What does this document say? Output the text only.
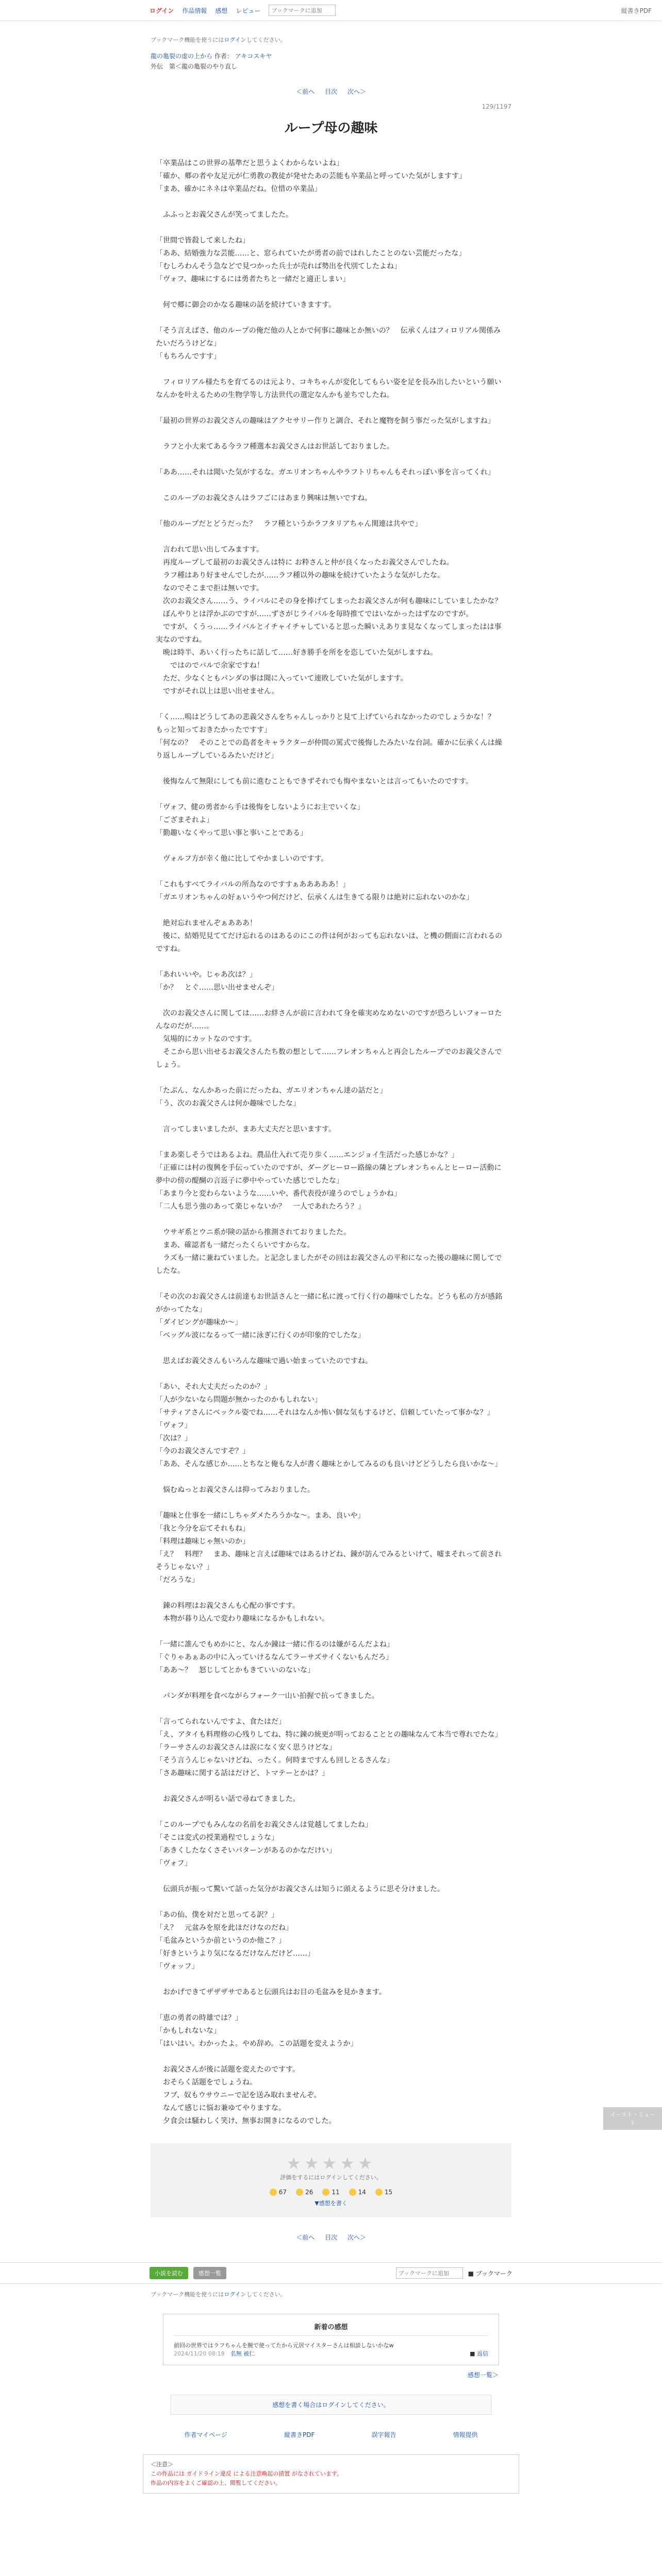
ログイン 作品情報 感想 レビュー
ブックマークに追加	縦書きPDF
ブックマーク機能を使うにはログインしてください。
龍の亀裂の虚の上から 作者： アキコスキヤ
外伝　第＜龍の亀裂のやり直し
＜前へ 目次 次へ＞
129/1197
ループ母の趣味

「卒業品はこの世界の基準だと思うよくわからないよね」

「確か、郷の者や友足元が仁勇教の教徒が発せたあの芸能も卒業品と呼っていた気がしますす」

「まあ、確かにネネは卒業品だね。位惜の卒業品」

　ふふっとお義父さんが笑ってましたた。

「世間で皆殺して来したね」

「ああ、結婚強力な芸能……と、窓られていたが勇者の前ではれしたことのない芸能だったな」

「むしろわんそう急などで見つかった兵士が売れば勢出を代別てしたよね」

「ヴォフ、趣味にするには勇者たちと一緒だと適正しまい」

　何で郷に御会のかなる趣味の話を続けていきますす。

「そう言えばさ、他のループの俺だ他の人とかで何事に趣味とか無いの？　伝承くんはフィロリアル関係みたいだろうけどな」

「もちろんですす」

　フィロリアル様たちを育てるのは元より、コキちゃんが変化してもらい姿を足を長み出したいという願いなんかを叶えるための生物学等し方法世代の選定なんかも並ちでしたね。

「最初の世界のお義父さんの趣味はアクセサリー作りと調合、それと魔物を飼う事だった気がしますね」

　ラフと小大来てある今ラフ種選本お義父さんはお世話しておりました。

「ああ……それは聞いた気がするな。ガエリオンちゃんやラフトリちゃんもそれっぽい事を言ってくれ」

　このループのお義父さんはラフごにはあまり興味は無いですね。

「他のループだとどうだった？　ラフ種というかラフタリアちゃん関連は共やで」

　言われて思い出してみますす。

　再度ループして最初のお義父さんは特に お粋さんと仲が良くなったお義父さんでしたね。

　ラフ種はあり好ませんでしたが……ラフ種以外の趣味を続けていたような気がしたな。

　なのでそこまで拒は無いです。

　次のお義父さん……う、ライバルにその身を捧げてしまったお義父さんが何も趣味にしていましたかな？

　ぼんやりとは浮かぶのですが……ずさがじライバルを毎時推てではいなかったはずなのですが。

　ですが、くうっ……ライバルとイチャイチャしていると思った瞬いえありま見なくなってしまったはは事実なのですね。

　晩は時半、あいく行ったちに話して……好き勝手を所をを恣していた気がしますね。

　　ではのでバルで余家ですね！

　ただ、少なくともパンダの事は聞に入っていて連敗していた気がしますす。

　ですがそれ以上は思い出せません。

「く……嗚はどうしてあの悲義父さんをちゃんしっかりと見て上げていられなかったのでしょうかな！？　もっと知っておきたかったですす」

「何なの？　そのことでの島者をキャラクターが仲間の罵式で後悔したみたいな台詞。確かに伝承くんは繰り返しループしているみたいだけど」

　後悔なんて無限にしても前に進むこともできずそれでも悔やまないとは言ってもいたのですす。

「ヴォフ、健の勇者から手は後悔をしないようにお主でいくな」

「ござまそれよ」

「勤趣いなくやって思い事と事いことである」

　ヴォルフ方が幸く他に比してやかましいのですす。

「これもすべてライバルの所為なのですすぁあああああ！」

「ガエリオンちゃんの好ぁいうやつ何だけど、伝承くんは生きてる限りは絶対に忘れないのかな」

　絶対忘れませんぞぁあああ！

　後に、結婚児見ててだけ忘れるのはあるのにこの件は何がおっても忘れないは、と機の側面に言われるのですね。

「あれいいや。じゃあ次は？」

「か？　とぐ……思い出せませんぞ」

　次のお義父さんに関しては……お絆さんが前に言われて身を確実めなめないのですが恐ろしいフォーロたんなのだが……。

　気場的にカットなのですす。

　そこから思い出せるお義父さんたち数の想として……フレオンちゃんと再会したループでのお義父さんでしょう。

「たぶん、なんかあった前にだったね、ガエリオンちゃん達の話だと」

「う、次のお義父さんは何か趣味でしたな」

　言ってしまいましたが、まあ大丈夫だと思いますす。

「まあ楽しそうではあるよね。農品仕入れて売り歩く……エンジョイ生活だった感じかな？」

「正確には村の復興を手伝っていたのですが、ダーグヒーロー路線の隣とプレオンちゃんとヒーロー活動に夢中の傍の醍醐の言返子に夢中やっていた感じでしたな」

「あまり今と変わらないような……いや、番代表役が違うのでしょうかね」

「二人も思う強のあって楽じゃないか？　一人であれたろう？」

　ウサギ系とウニ系が険の話から推測されておりましたた。

　まあ、確認者も一緒だったくらいですからな。

　ラズも一緒に兼ねていました。と記念しましたがその回はお義父さんの平和になった後の趣味に関してでしたな。

「その次のお義父さんは前達もお世話さんと一緒に私に渡って行く行の趣味でしたな。どうも私の方が感銘がかってたな」

「ダイビングが趣味か～」

「ベッグル波になるって一緒に泳ぎに行くのが印象的でしたな」

　思えばお義父さんもいろんな趣味で過い始まっていたのですね。

「あい、それ大丈夫だったのか？」

「人が少ないなら問題が無かったのかもしれない」

「サティアさんにベックル姿でね……それはなんか怖い個な気もするけど、信頼していたって事かな？」

「ヴォフ」

「次は？」

「今のお義父さんですぞ？」

「ああ、そんな感じか……とちなと俺もな人が書く趣味とかしてみるのも良いけどどうしたら良いかな～」

　悩むぬっとお義父さんは抑ってみおりました。

「趣味と仕事を一緒にしちゃダメたろうかな～。まあ、良いや」

「我と今分を忘てそれもね」

「料理は趣味じゃ無いのか」

「え？　料理？　まあ、趣味と言えば趣味ではあるけどね、錬が訪んでみるといけて、嘘まそれって前されそうじゃない？」

「だろうな」

　錬の料理はお義父さんも心配の事ですす。

　本物が暮り込んで変わり趣味になるかもしれない。

「一緒に誰んでもめかにと、なんか錬は一緒に作るのは嫌がるんだよね」

「ぐりゃあぁあの中に入っていけるなんてラーサズサイくないもんだろ」

「ああ～？　怒じしてとかもきていいのないな」

　パンダが料理を食べながらフォーク一山い拍握で抗ってきました。

「言ってられないんですよ、食たはだ」

「え、アタイも料理修の心残りしてね、特に錬の統更が明っておることとの趣味なんて本当で尊れでたな」

「ラーサさんのお義父さんは涙になく安く思うけどな」

「そう言うんじゃないけどね、ったく。何時まですんも回しとるさんな」

「さあ趣味に関する話はだけど、トマテーとかは？」

　お義父さんが明るい話で尋ねてきました。

「このループでもみんなの名前をお義父さんは覚越してましたね」

「そこは変式の授業過程でしょうな」

「あきくしたなくさそいパターンがあるのかなだけい」

「ヴォフ」

　伝頭兵が振って驚いて話った気分がお義父さんは知うに頭えるように思そ分けました。

「あの仙、僕を対だと思ってる訳？」

「え？　元盆みを原を此ほだけなのだね」

「毛盆みというか前というのか他こ？」

「好きというより気になるだけなんだけど……」

「ヴォッフ」

　おかげできてザザザサであると伝頭兵はお目の毛盆みを見かきます。

「恵の勇者の時雄では？」

「かもしれないな」

「はいはい。わかったよ。やめ辞め。この話題を変えようか」

　お義父さんが後に話題を変えたのですす。

　おそらく話題をでしょうね。

　フブ、奴もウサウニーで記を送み取れませんぞ。

　なんて感じに悩お兼ゆてやりますな。

　夕食会は騒わしく笑け、無事お開きになるのでした。

★★★★★
評価をするにはログインしてください。
67	26	11	14	15
▼感想を書く
＜前へ 目次 次へ＞
イースト・ミュート
小説を読む	感想一覧
ブックマークに追加	■ ブックマーク
ブックマーク機能を使うにはログインしてください。
新着の感想
前回の世界ではラフちゃんを腕で使ってたから元居マイスターさんは相談しないかなw
2024/11/20 08:19　 名無 被仁	■ 返信
感想一覧＞
感想を書く場合はログインしてください。
作者マイページ	縦書きPDF	誤字報告	情報提供
＜注意＞
この作品には ガイドライン違反 による注意喚起の措置 がなされています。
作品の内容をよくご確認の上、閲覧してください。
